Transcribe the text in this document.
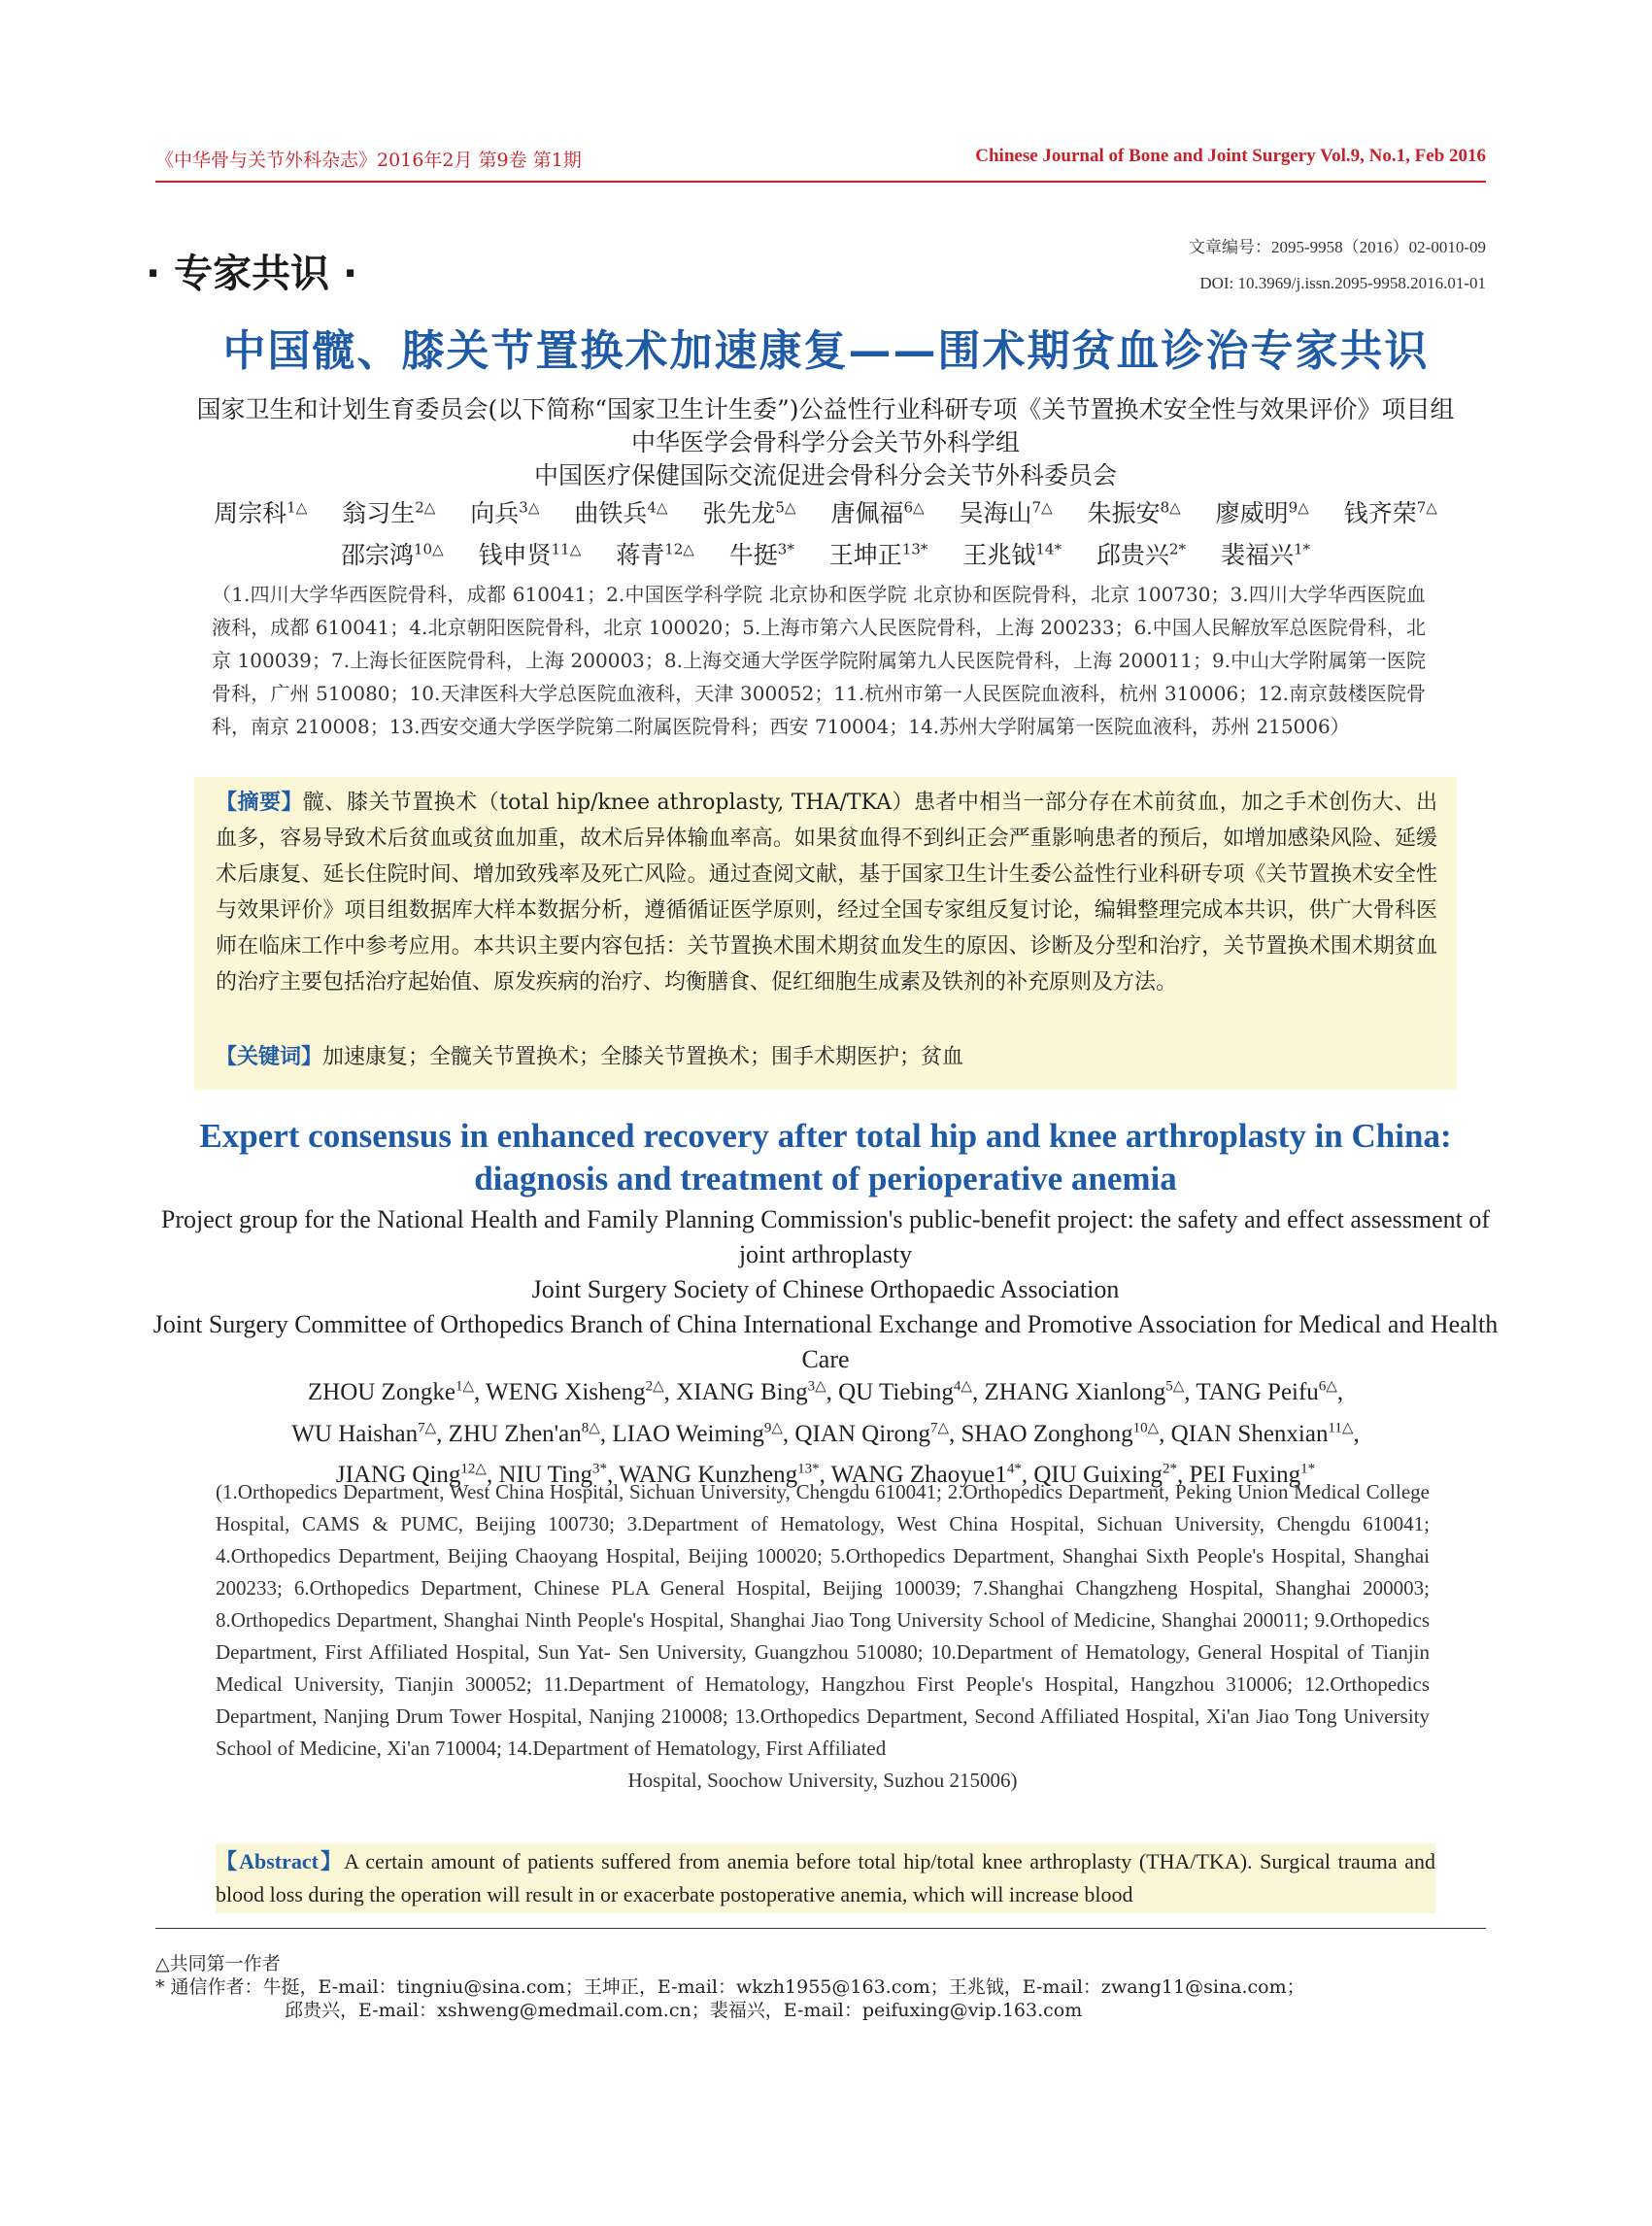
《中华骨与关节外科杂志》2016年2月 第9卷 第1期	Chinese Journal of Bone and Joint Surgery Vol.9, No.1, Feb 2016
· 专家共识 ·
文章编号：2095-9958（2016）02-0010-09
DOI: 10.3969/j.issn.2095-9958.2016.01-01
中国髋、膝关节置换术加速康复——围术期贫血诊治专家共识
国家卫生和计划生育委员会(以下简称“国家卫生计生委”)公益性行业科研专项《关节置换术安全性与效果评价》项目组
中华医学会骨科学分会关节外科学组
中国医疗保健国际交流促进会骨科分会关节外科委员会
周宗科$^{1\triangle}$ 翁习生$^{2\triangle}$ 向兵$^{3\triangle}$ 曲铁兵$^{4\triangle}$ 张先龙$^{5\triangle}$ 唐佩福$^{6\triangle}$ 吴海山$^{7\triangle}$ 朱振安$^{8\triangle}$ 廖威明$^{9\triangle}$ 钱齐荣$^{7\triangle}$
邵宗鸿$^{10\triangle}$ 钱申贤$^{11\triangle}$ 蒋青$^{12\triangle}$ 牛挺$^{3*}$ 王坤正$^{13*}$ 王兆钺$^{14*}$ 邱贵兴$^{2*}$ 裴福兴$^{1*}$
（1.四川大学华西医院骨科，成都 610041；2.中国医学科学院 北京协和医学院 北京协和医院骨科，北京 100730；3.四川大学华西医院血液科，成都 610041；4.北京朝阳医院骨科，北京 100020；5.上海市第六人民医院骨科，上海 200233；6.中国人民解放军总医院骨科，北京 100039；7.上海长征医院骨科，上海 200003；8.上海交通大学医学院附属第九人民医院骨科，上海 200011；9.中山大学附属第一医院骨科，广州 510080；10.天津医科大学总医院血液科，天津 300052；11.杭州市第一人民医院血液科，杭州 310006；12.南京鼓楼医院骨科，南京 210008；13.西安交通大学医学院第二附属医院骨科；西安 710004；14.苏州大学附属第一医院血液科，苏州 215006）
【摘要】髋、膝关节置换术（total hip/knee athroplasty, THA/TKA）患者中相当一部分存在术前贫血，加之手术创伤大、出血多，容易导致术后贫血或贫血加重，故术后异体输血率高。如果贫血得不到纠正会严重影响患者的预后，如增加感染风险、延缓术后康复、延长住院时间、增加致残率及死亡风险。通过查阅文献，基于国家卫生计生委公益性行业科研专项《关节置换术安全性与效果评价》项目组数据库大样本数据分析，遵循循证医学原则，经过全国专家组反复讨论，编辑整理完成本共识，供广大骨科医师在临床工作中参考应用。本共识主要内容包括：关节置换术围术期贫血发生的原因、诊断及分型和治疗，关节置换术围术期贫血的治疗主要包括治疗起始值、原发疾病的治疗、均衡膳食、促红细胞生成素及铁剂的补充原则及方法。
【关键词】加速康复；全髋关节置换术；全膝关节置换术；围手术期医护；贫血
Expert consensus in enhanced recovery after total hip and knee arthroplasty in China:
diagnosis and treatment of perioperative anemia
Project group for the National Health and Family Planning Commission's public-benefit project: the safety and effect assessment of joint arthroplasty
Joint Surgery Society of Chinese Orthopaedic Association
Joint Surgery Committee of Orthopedics Branch of China International Exchange and Promotive Association for Medical and Health Care
ZHOU Zongke$^{1\triangle}$, WENG Xisheng$^{2\triangle}$, XIANG Bing$^{3\triangle}$, QU Tiebing$^{4\triangle}$, ZHANG Xianlong$^{5\triangle}$, TANG Peifu$^{6\triangle}$,
WU Haishan$^{7\triangle}$, ZHU $Zhen'an^{8\triangle}$, LIAO Weiming$^{9\triangle}$, QIAN Qirong$^{7\triangle}$, SHAO Zonghong$^{10\triangle}$, QIAN Shenxian$^{11\triangle}$,
JIANG Qing$^{12\triangle}$, NIU Ting$^{3*}$, WANG Kunzheng$^{13*}$, WANG $Zhaoyue1^{4*}$, QIU Guixing$^{2*}$, PEI Fuxing$^{1*}$
(1.Orthopedics Department, West China Hospital, Sichuan University, Chengdu 610041; 2.Orthopedics Department, Peking Union Medical College Hospital, CAMS & PUMC, Beijing 100730; 3.Department of Hematology, West China Hospital, Sichuan University, Chengdu 610041; 4.Orthopedics Department, Beijing Chaoyang Hospital, Beijing 100020; 5.Orthopedics Department, Shanghai Sixth People's Hospital, Shanghai 200233; 6.Orthopedics Department, Chinese PLA General Hospital, Beijing 100039; 7.Shanghai Changzheng Hospital, Shanghai 200003; 8.Orthopedics Department, Shanghai Ninth People's Hospital, Shanghai Jiao Tong University School of Medicine, Shanghai 200011; 9.Orthopedics Department, First Affiliated Hospital, Sun Yat- Sen University, Guangzhou 510080; 10.Department of Hematology, General Hospital of Tianjin Medical University, Tianjin 300052; 11.Department of Hematology, Hangzhou First People's Hospital, Hangzhou 310006; 12.Orthopedics Department, Nanjing Drum Tower Hospital, Nanjing 210008; 13.Orthopedics Department, Second Affiliated Hospital, Xi'an Jiao Tong University School of Medicine, Xi'an 710004; 14.Department of Hematology, First Affiliated
Hospital, Soochow University, Suzhou 215006)
【Abstract】A certain amount of patients suffered from anemia before total hip/total knee arthroplasty (THA/TKA). Surgical trauma and blood loss during the operation will result in or exacerbate postoperative anemia, which will increase blood
△共同第一作者
* 通信作者：牛挺，E-mail：tingniu@sina.com；王坤正，E-mail：wkzh1955@163.com；王兆钺，E-mail：zwang11@sina.com；
邱贵兴，E-mail：xshweng@medmail.com.cn；裴福兴，E-mail：peifuxing@vip.163.com
